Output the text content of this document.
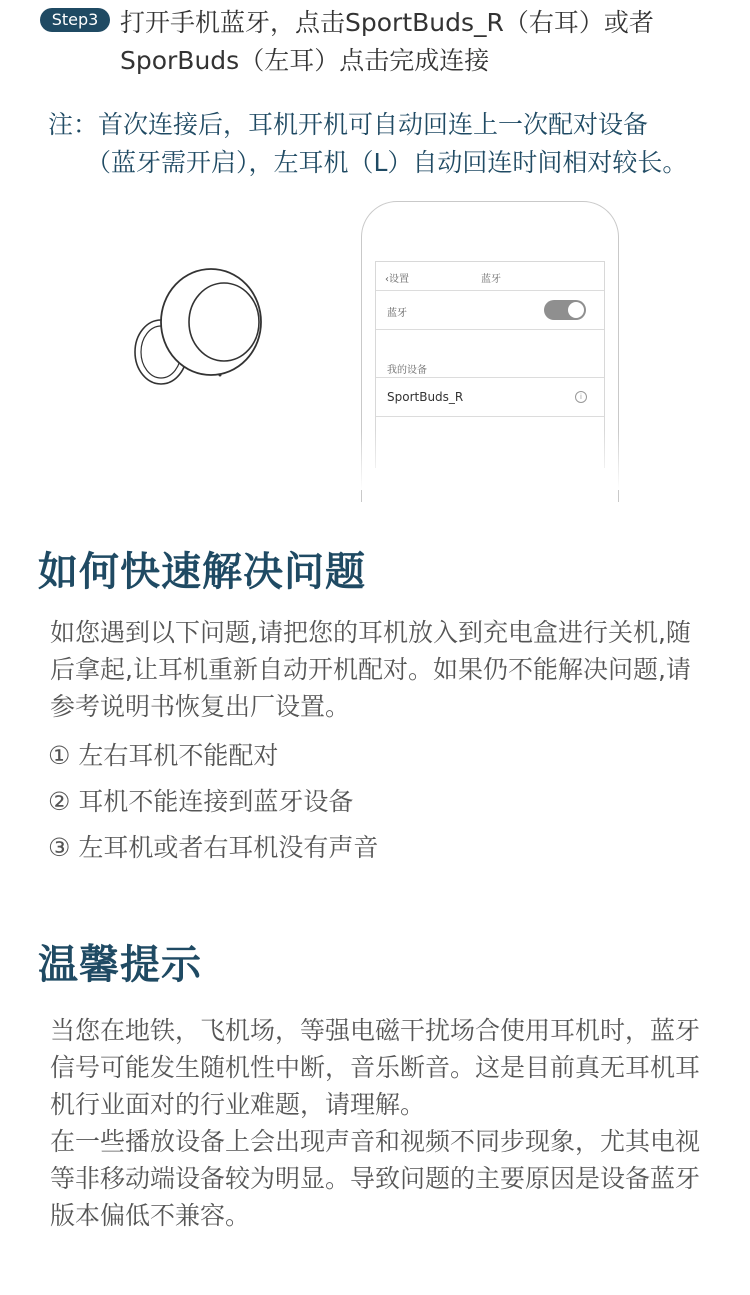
Step3 打开手机蓝牙，点击SportBuds_R（右耳）或者SporBuds（左耳）点击完成连接
注：首次连接后，耳机开机可自动回连上一次配对设备
（蓝牙需开启），左耳机（L）自动回连时间相对较长。
‹设置	蓝牙
蓝牙
我的设备
SportBuds_R	i
如何快速解决问题
如您遇到以下问题,请把您的耳机放入到充电盒进行关机,随后拿起,让耳机重新自动开机配对。如果仍不能解决问题,请参考说明书恢复出厂设置。
① 左右耳机不能配对
② 耳机不能连接到蓝牙设备
③ 左耳机或者右耳机没有声音
温馨提示
当您在地铁，飞机场，等强电磁干扰场合使用耳机时，蓝牙信号可能发生随机性中断，音乐断音。这是目前真无耳机耳机行业面对的行业难题，请理解。
在一些播放设备上会出现声音和视频不同步现象，尤其电视等非移动端设备较为明显。导致问题的主要原因是设备蓝牙版本偏低不兼容。
